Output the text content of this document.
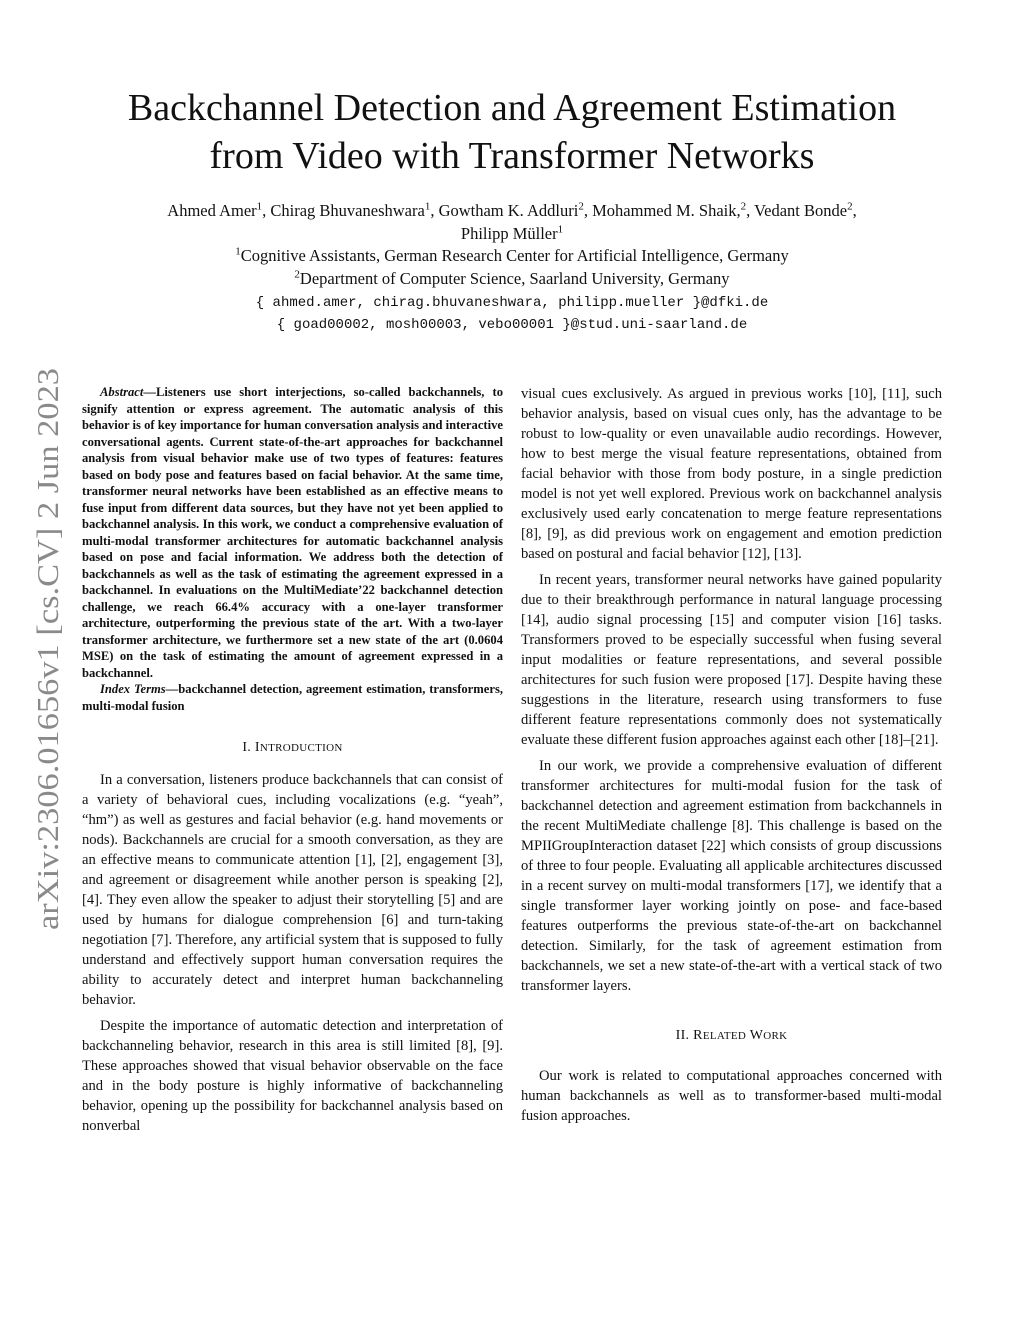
Backchannel Detection and Agreement Estimation
from Video with Transformer Networks
Ahmed Amer$^1$, Chirag Bhuvaneshwara$^1$, Gowtham K. Addluri$^2$, Mohammed M. Shaik,$^2$, Vedant Bonde$^2$,
Philipp Müller$^1$
$^1$Cognitive Assistants, German Research Center for Artificial Intelligence, Germany
$^2$Department of Computer Science, Saarland University, Germany
{ ahmed.amer, chirag.bhuvaneshwara, philipp.mueller }@dfki.de
{ goad00002, mosh00003, vebo00001 }@stud.uni-saarland.de
arXiv:2306.01656v1 [cs.CV] 2 Jun 2023

Abstract—Listeners use short interjections, so-called backchannels, to signify attention or express agreement. The automatic analysis of this behavior is of key importance for human conversation analysis and interactive conversational agents. Current state-of-the-art approaches for backchannel analysis from visual behavior make use of two types of features: features based on body pose and features based on facial behavior. At the same time, transformer neural networks have been established as an effective means to fuse input from different data sources, but they have not yet been applied to backchannel analysis. In this work, we conduct a comprehensive evaluation of multi-modal transformer architectures for automatic backchannel analysis based on pose and facial information. We address both the detection of backchannels as well as the task of estimating the agreement expressed in a backchannel. In evaluations on the MultiMediate’22 backchannel detection challenge, we reach 66.4% accuracy with a one-layer transformer architecture, outperforming the previous state of the art. With a two-layer transformer architecture, we furthermore set a new state of the art (0.0604 MSE) on the task of estimating the amount of agreement expressed in a backchannel.

Index Terms—backchannel detection, agreement estimation, transformers, multi-modal fusion

I. INTRODUCTION

In a conversation, listeners produce backchannels that can consist of a variety of behavioral cues, including vocalizations (e.g. “yeah”, “hm”) as well as gestures and facial behavior (e.g. hand movements or nods). Backchannels are crucial for a smooth conversation, as they are an effective means to communicate attention [1], [2], engagement [3], and agreement or disagreement while another person is speaking [2], [4]. They even allow the speaker to adjust their storytelling [5] and are used by humans for dialogue comprehension [6] and turn-taking negotiation [7]. Therefore, any artificial system that is supposed to fully understand and effectively support human conversation requires the ability to accurately detect and interpret human backchanneling behavior.

Despite the importance of automatic detection and interpretation of backchanneling behavior, research in this area is still limited [8], [9]. These approaches showed that visual behavior observable on the face and in the body posture is highly informative of backchanneling behavior, opening up the possibility for backchannel analysis based on nonverbal

visual cues exclusively. As argued in previous works [10], [11], such behavior analysis, based on visual cues only, has the advantage to be robust to low-quality or even unavailable audio recordings. However, how to best merge the visual feature representations, obtained from facial behavior with those from body posture, in a single prediction model is not yet well explored. Previous work on backchannel analysis exclusively used early concatenation to merge feature representations [8], [9], as did previous work on engagement and emotion prediction based on postural and facial behavior [12], [13].

In recent years, transformer neural networks have gained popularity due to their breakthrough performance in natural language processing [14], audio signal processing [15] and computer vision [16] tasks. Transformers proved to be especially successful when fusing several input modalities or feature representations, and several possible architectures for such fusion were proposed [17]. Despite having these suggestions in the literature, research using transformers to fuse different feature representations commonly does not systematically evaluate these different fusion approaches against each other [18]–[21].

In our work, we provide a comprehensive evaluation of different transformer architectures for multi-modal fusion for the task of backchannel detection and agreement estimation from backchannels in the recent MultiMediate challenge [8]. This challenge is based on the MPIIGroupInteraction dataset [22] which consists of group discussions of three to four people. Evaluating all applicable architectures discussed in a recent survey on multi-modal transformers [17], we identify that a single transformer layer working jointly on pose- and face-based features outperforms the previous state-of-the-art on backchannel detection. Similarly, for the task of agreement estimation from backchannels, we set a new state-of-the-art with a vertical stack of two transformer layers.

II. RELATED WORK

Our work is related to computational approaches concerned with human backchannels as well as to transformer-based multi-modal fusion approaches.
